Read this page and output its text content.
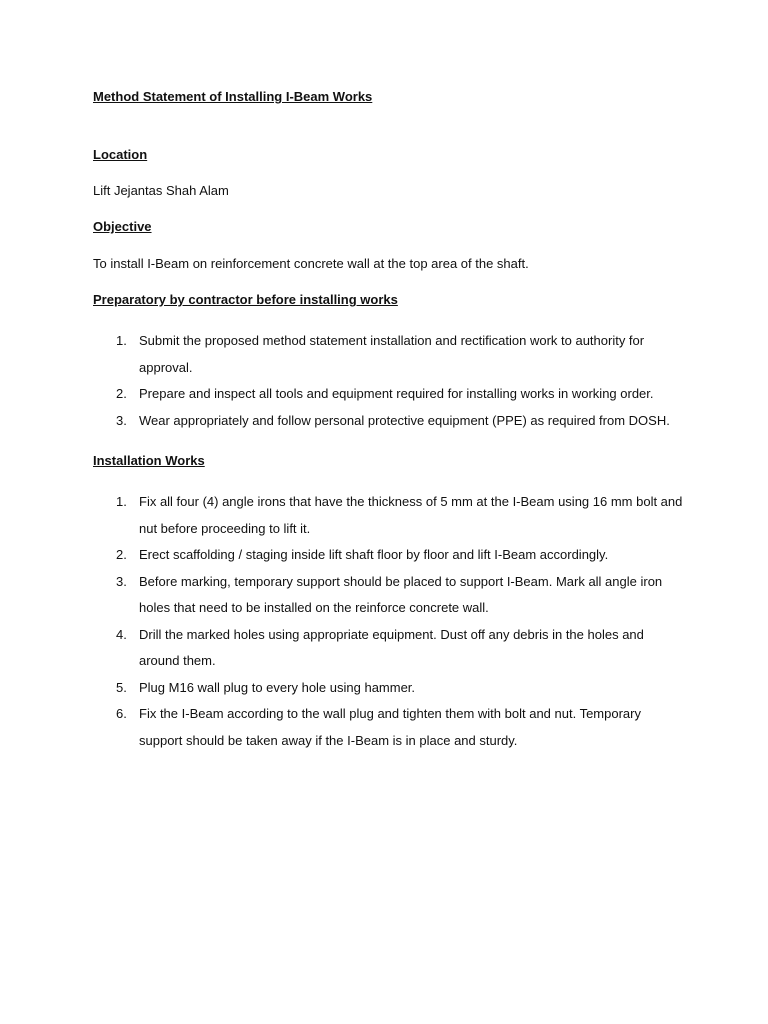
Method Statement of Installing I-Beam Works

Location

Lift Jejantas Shah Alam

Objective

To install I-Beam on reinforcement concrete wall at the top area of the shaft.

Preparatory by contractor before installing works

1. Submit the proposed method statement installation and rectification work to authority for approval.
2. Prepare and inspect all tools and equipment required for installing works in working order.
3. Wear appropriately and follow personal protective equipment (PPE) as required from DOSH.

Installation Works

1. Fix all four (4) angle irons that have the thickness of 5 mm at the I-Beam using 16 mm bolt and nut before proceeding to lift it.
2. Erect scaffolding / staging inside lift shaft floor by floor and lift I-Beam accordingly.
3. Before marking, temporary support should be placed to support I-Beam. Mark all angle iron holes that need to be installed on the reinforce concrete wall.
4. Drill the marked holes using appropriate equipment. Dust off any debris in the holes and around them.
5. Plug M16 wall plug to every hole using hammer.
6. Fix the I-Beam according to the wall plug and tighten them with bolt and nut. Temporary support should be taken away if the I-Beam is in place and sturdy.
